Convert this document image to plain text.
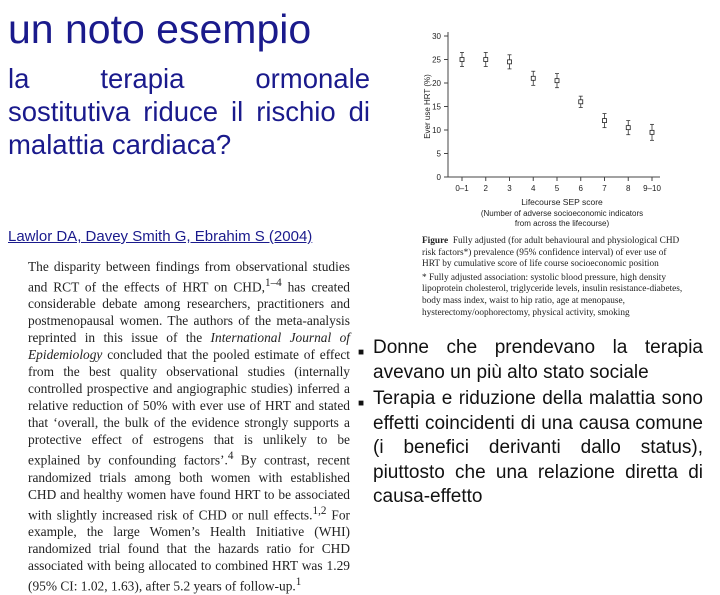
un noto esempio
la terapia ormonale
sostitutiva riduce il rischio di malattia cardiaca?
0
5
10
15
20
25
30
0–1 2 3 4 5 6 7 8 9–10
Ever use HRT (%)
Lifecourse SEP score
(Number of adverse socioeconomic indicators
from across the lifecourse)

Figure Fully adjusted (for adult behavioural and physiological CHD risk factors*) prevalence (95% confidence interval) of ever use of HRT by cumulative score of life course socioeconomic position

* Fully adjusted association: systolic blood pressure, high density lipoprotein cholesterol, triglyceride levels, insulin resistance-diabetes, body mass index, waist to hip ratio, age at menopause, hysterectomy/oophorectomy, physical activity, smoking

Lawlor DA, Davey Smith G, Ebrahim S (2004)

The disparity between findings from observational studies and RCT of the effects of HRT on CHD,$^{1-4}$ has created considerable debate among researchers, practitioners and postmenopausal women. The authors of the meta-analysis reprinted in this issue of the International Journal of Epidemiology concluded that the pooled estimate of effect from the best quality observational studies (internally controlled prospective and angiographic studies) inferred a relative reduction of 50% with ever use of HRT and stated that ‘overall, the bulk of the evidence strongly supports a protective effect of estrogens that is unlikely to be explained by confounding factors’.$^4$ By contrast, recent randomized trials among both women with established CHD and healthy women have found HRT to be associated with slightly increased risk of CHD or null effects.$^{1,2}$ For example, the large Women’s Health Initiative (WHI) randomized trial found that the hazards ratio for CHD associated with being allocated to combined HRT was 1.29 (95% CI: 1.02, 1.63), after 5.2 years of follow-up.$^1$

■ Donne che prendevano la terapia avevano un più alto stato sociale
■ Terapia e riduzione della malattia sono effetti coincidenti di una causa comune (i benefici derivanti dallo status), piuttosto che una relazione diretta di causa-effetto
